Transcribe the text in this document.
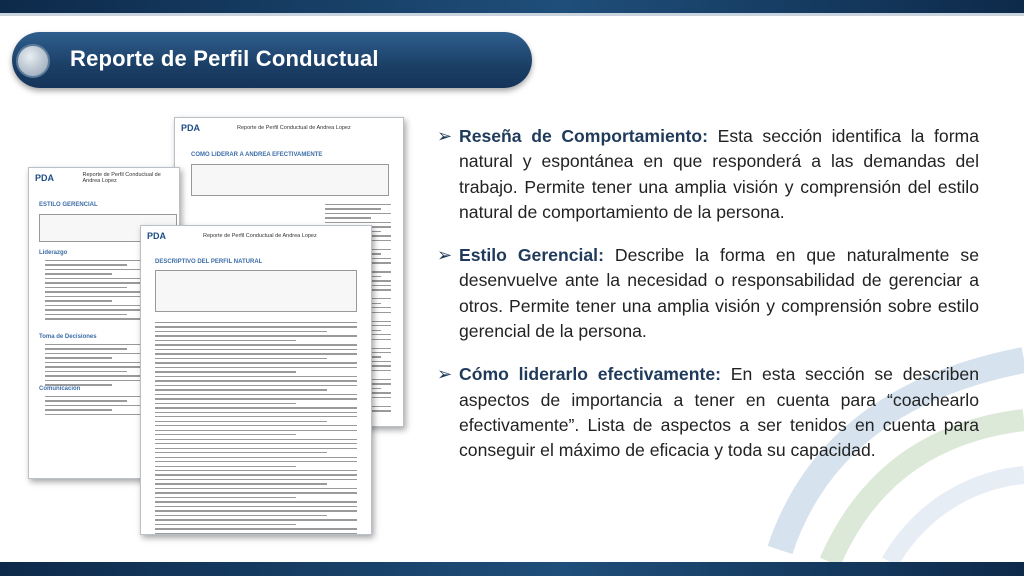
Reporte de Perfil Conductual
PDA	Reporte de Perfil Conductual de Andrea Lopez
COMO LIDERAR A ANDREA EFECTIVAMENTE
PDA	Reporte de Perfil Conductual de Andrea Lopez
ESTILO GERENCIAL
Liderazgo
Toma de Decisiones
Comunicación
PDA	Reporte de Perfil Conductual de Andrea Lopez
DESCRIPTIVO DEL PERFIL NATURAL
➢ Reseña de Comportamiento: Esta sección identifica la forma natural y espontánea en que responderá a las demandas del trabajo. Permite tener una amplia visión y comprensión del estilo natural de comportamiento de la persona.
➢ Estilo Gerencial: Describe la forma en que naturalmente se desenvuelve ante la necesidad o responsabilidad de gerenciar a otros. Permite tener una amplia visión y comprensión sobre estilo gerencial de la persona.
➢ Cómo liderarlo efectivamente: En esta sección se describen aspectos de importancia a tener en cuenta para “coachearlo efectivamente”. Lista de aspectos a ser tenidos en cuenta para conseguir el máximo de eficacia y toda su capacidad.
